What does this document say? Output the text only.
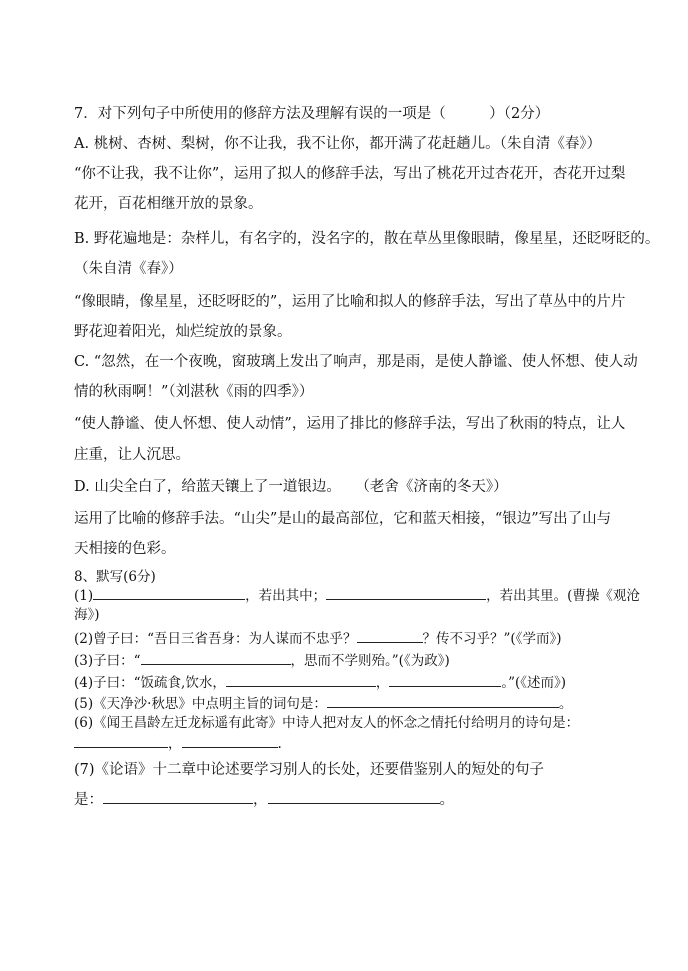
7．对下列句子中所使用的修辞方法及理解有误的一项是（　　　）（2分）
A. 桃树、杏树、梨树，你不让我，我不让你，都开满了花赶趟儿。（朱自清《春》）
“你不让我，我不让你”，运用了拟人的修辞手法，写出了桃花开过杏花开，杏花开过梨
花开，百花相继开放的景象。
B. 野花遍地是：杂样儿，有名字的，没名字的，散在草丛里像眼睛，像星星，还眨呀眨的。
（朱自清《春》）
“像眼睛，像星星，还眨呀眨的”，运用了比喻和拟人的修辞手法，写出了草丛中的片片
野花迎着阳光，灿烂绽放的景象。
C. “忽然，在一个夜晚，窗玻璃上发出了响声，那是雨，是使人静谧、使人怀想、使人动
情的秋雨啊！”（刘湛秋《雨的四季》）
“使人静谧、使人怀想、使人动情”，运用了排比的修辞手法，写出了秋雨的特点，让人
庄重，让人沉思。
D. 山尖全白了，给蓝天镶上了一道银边。　　（老舍《济南的冬天》）
运用了比喻的修辞手法。“山尖”是山的最高部位，它和蓝天相接，“银边”写出了山与
天相接的色彩。
8、默写(6分)
(1)	，若出其中；	，若出其里。(曹操《观沧
海》)
(2)曾子曰：“吾日三省吾身：为人谋而不忠乎？	？传不习乎？”(《学而》)
(3)子曰：“	，思而不学则殆。”(《为政》)
(4)子曰：“饭疏食,饮水，	，	。”(《述而》)
(5)《天净沙·秋思》中点明主旨的词句是：	。
(6)《闻王昌龄左迁龙标遥有此寄》中诗人把对友人的怀念之情托付给明月的诗句是：
，	.
(7)《论语》十二章中论述要学习别人的长处，还要借鉴别人的短处的句子
是：	，	。
